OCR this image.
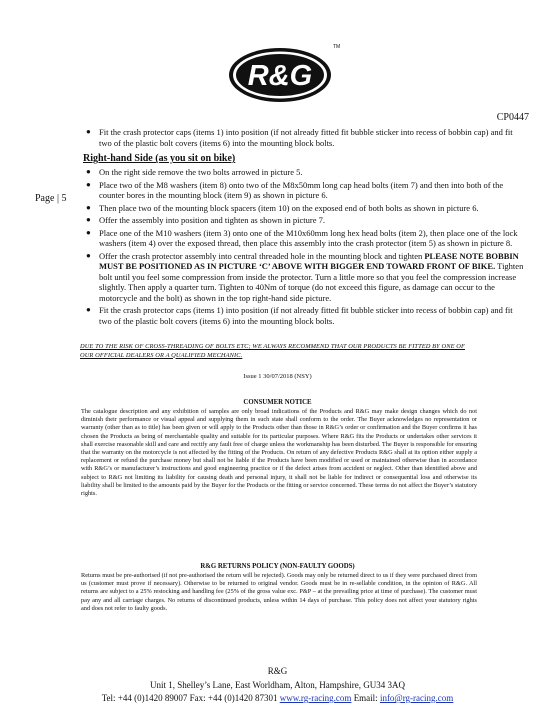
R&G
TM
CP0447
Page | 5
● Fit the crash protector caps (items 1) into position (if not already fitted fit bubble sticker into recess of bobbin cap) and fit two of the plastic bolt covers (items 6) into the mounting block bolts.
Right-hand Side (as you sit on bike)
● On the right side remove the two bolts arrowed in picture 5.
● Place two of the M8 washers (item 8) onto two of the M8x50mm long cap head bolts (item 7) and then into both of the counter bores in the mounting block (item 9) as shown in picture 6.
● Then place two of the mounting block spacers (item 10) on the exposed end of both bolts as shown in picture 6.
● Offer the assembly into position and tighten as shown in picture 7.
● Place one of the M10 washers (item 3) onto one of the M10x60mm long hex head bolts (item 2), then place one of the lock washers (item 4) over the exposed thread, then place this assembly into the crash protector (item 5) as shown in picture 8.
● Offer the crash protector assembly into central threaded hole in the mounting block and tighten PLEASE NOTE BOBBIN MUST BE POSITIONED AS IN PICTURE ‘C’ ABOVE WITH BIGGER END TOWARD FRONT OF BIKE. Tighten bolt until you feel some compression from inside the protector. Turn a little more so that you feel the compression increase slightly. Then apply a quarter turn. Tighten to 40Nm of torque (do not exceed this figure, as damage can occur to the motorcycle and the bolt) as shown in the top right-hand side picture.
● Fit the crash protector caps (items 1) into position (if not already fitted fit bubble sticker into recess of bobbin cap) and fit two of the plastic bolt covers (items 6) into the mounting block bolts.
DUE TO THE RISK OF CROSS-THREADING OF BOLTS ETC; WE ALWAYS RECOMMEND THAT OUR PRODUCTS BE FITTED BY ONE OF OUR OFFICIAL DEALERS OR A QUALIFIED MECHANIC.
Issue 1 30/07/2018 (NSY)
CONSUMER NOTICE

The catalogue description and any exhibition of samples are only broad indications of the Products and R&G may make design changes which do not diminish their performance or visual appeal and supplying them in such state shall conform to the order. The Buyer acknowledges no representation or warranty (other than as to title) has been given or will apply to the Products other than those in R&G’s order or confirmation and the Buyer confirms it has chosen the Products as being of merchantable quality and suitable for its particular purposes. Where R&G fits the Products or undertakes other services it shall exercise reasonable skill and care and rectify any fault free of charge unless the workmanship has been disturbed. The Buyer is responsible for ensuring that the warranty on the motorcycle is not affected by the fitting of the Products. On return of any defective Products R&G shall at its option either supply a replacement or refund the purchase money but shall not be liable if the Products have been modified or used or maintained otherwise than in accordance with R&G’s or manufacturer’s instructions and good engineering practice or if the defect arises from accident or neglect. Other than identified above and subject to R&G not limiting its liability for causing death and personal injury, it shall not be liable for indirect or consequential loss and otherwise its liability shall be limited to the amounts paid by the Buyer for the Products or the fitting or service concerned. These terms do not affect the Buyer’s statutory rights.

R&G RETURNS POLICY (NON-FAULTY GOODS)

Returns must be pre-authorised (if not pre-authorised the return will be rejected). Goods may only be returned direct to us if they were purchased direct from us (customer must prove if necessary). Otherwise to be returned to original vendor. Goods must be in re-sellable condition, in the opinion of R&G. All returns are subject to a 25% restocking and handling fee (25% of the gross value exc. P&P – at the prevailing price at time of purchase). The customer must pay any and all carriage charges. No returns of discontinued products, unless within 14 days of purchase. This policy does not affect your statutory rights and does not refer to faulty goods.

R&G
Unit 1, Shelley’s Lane, East Worldham, Alton, Hampshire, GU34 3AQ
Tel: +44 (0)1420 89007 Fax: +44 (0)1420 87301 www.rg-racing.com Email: info@rg-racing.com
